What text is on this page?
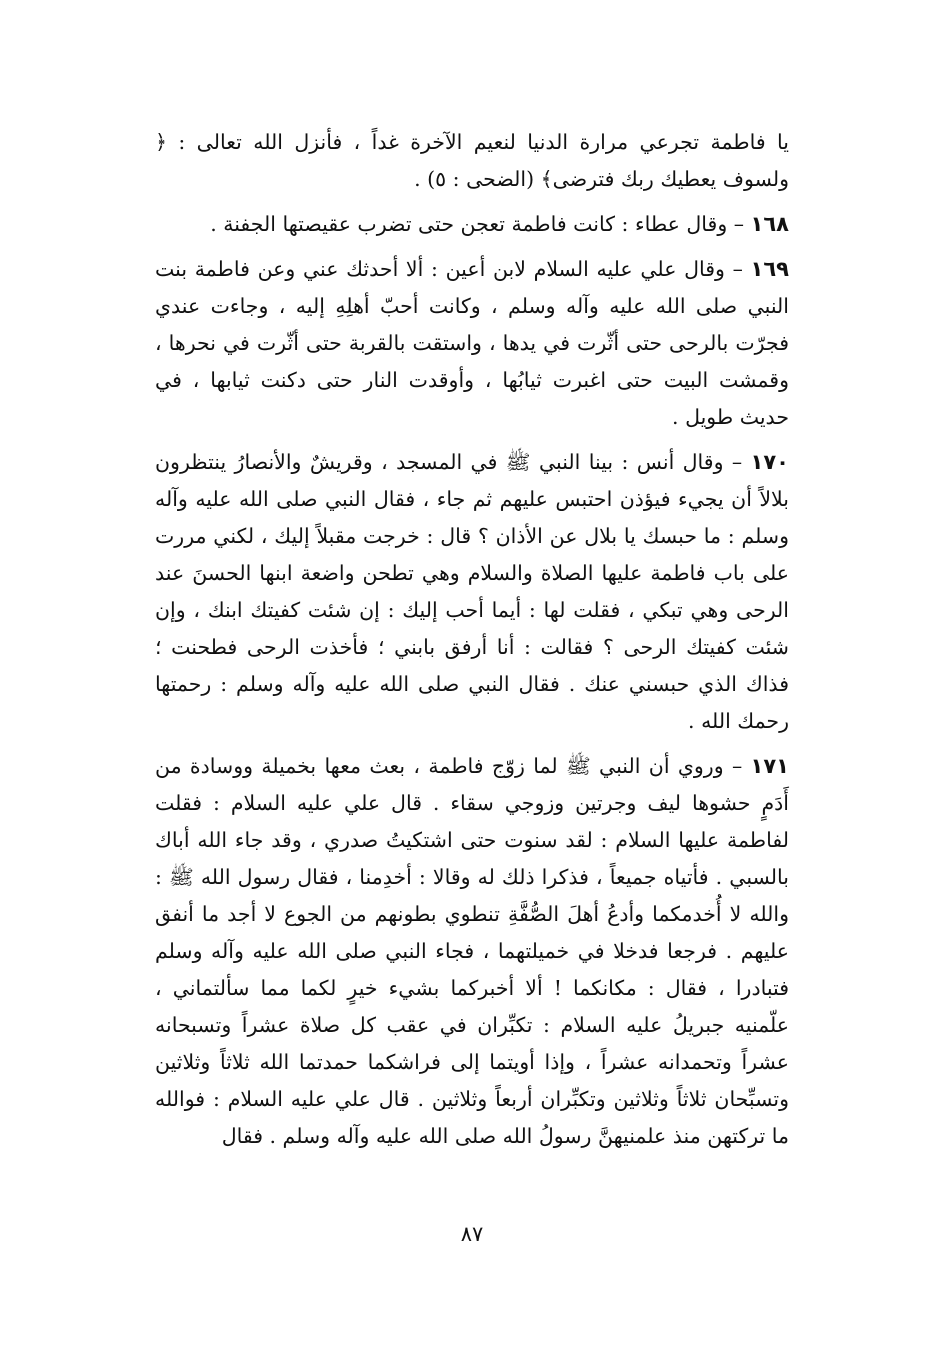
يا فاطمة تجرعي مرارة الدنيا لنعيم الآخرة غداً ، فأنزل الله تعالى : ﴿ ولسوف يعطيك ربك فترضى﴾ (الضحى : ٥) .

١٦٨ – وقال عطاء : كانت فاطمة تعجن حتى تضرب عقيصتها الجفنة .

١٦٩ – وقال علي عليه السلام لابن أعين : ألا أحدثك عني وعن فاطمة بنت النبي صلى الله عليه وآله وسلم ، وكانت أحبّ أهلِهِ إليه ، وجاءت عندي فجرّت بالرحى حتى أثّرت في يدها ، واستقت بالقربة حتى أثّرت في نحرها ، وقمشت البيت حتى اغبرت ثيابُها ، وأوقدت النار حتى دكنت ثيابها ، في حديث طويل .

١٧٠ – وقال أنس : بينا النبي ﷺ في المسجد ، وقريشٌ والأنصارُ ينتظرون بلالاً أن يجيء فيؤذن احتبس عليهم ثم جاء ، فقال النبي صلى الله عليه وآله وسلم : ما حبسك يا بلال عن الأذان ؟ قال : خرجت مقبلاً إليك ، لكني مررت على باب فاطمة عليها الصلاة والسلام وهي تطحن واضعة ابنها الحسنَ عند الرحى وهي تبكي ، فقلت لها : أيما أحب إليك : إن شئت كفيتك ابنك ، وإن شئت كفيتك الرحى ؟ فقالت : أنا أرفق بابني ؛ فأخذت الرحى فطحنت ؛ فذاك الذي حبسني عنك . فقال النبي صلى الله عليه وآله وسلم : رحمتها رحمك الله .

١٧١ – وروي أن النبي ﷺ لما زوّج فاطمة ، بعث معها بخميلة ووسادة من أَدَمٍ حشوها ليف وجرتين وزوجي سقاء . قال علي عليه السلام : فقلت لفاطمة عليها السلام : لقد سنوت حتى اشتكيتُ صدري ، وقد جاء الله أباك بالسبي . فأتياه جميعاً ، فذكرا ذلك له وقالا : أخدِمنا ، فقال رسول الله ﷺ : والله لا أُخدمكما وأدعُ أهلَ الصُّفَّةِ تنطوي بطونهم من الجوع لا أجد ما أنفق عليهم . فرجعا فدخلا في خميلتهما ، فجاء النبي صلى الله عليه وآله وسلم فتبادرا ، فقال : مكانكما ! ألا أخبركما بشيء خيرٍ لكما مما سألتماني ، علّمنيه جبريلُ عليه السلام : تكبِّران في عقب كل صلاة عشراً وتسبحانه عشراً وتحمدانه عشراً ، وإذا أويتما إلى فراشكما حمدتما الله ثلاثاً وثلاثين وتسبِّحان ثلاثاً وثلاثين وتكبِّران أربعاً وثلاثين . قال علي عليه السلام : فوالله ما تركتهن منذ علمنيهنَّ رسولُ الله صلى الله عليه وآله وسلم . فقال

٨٧
